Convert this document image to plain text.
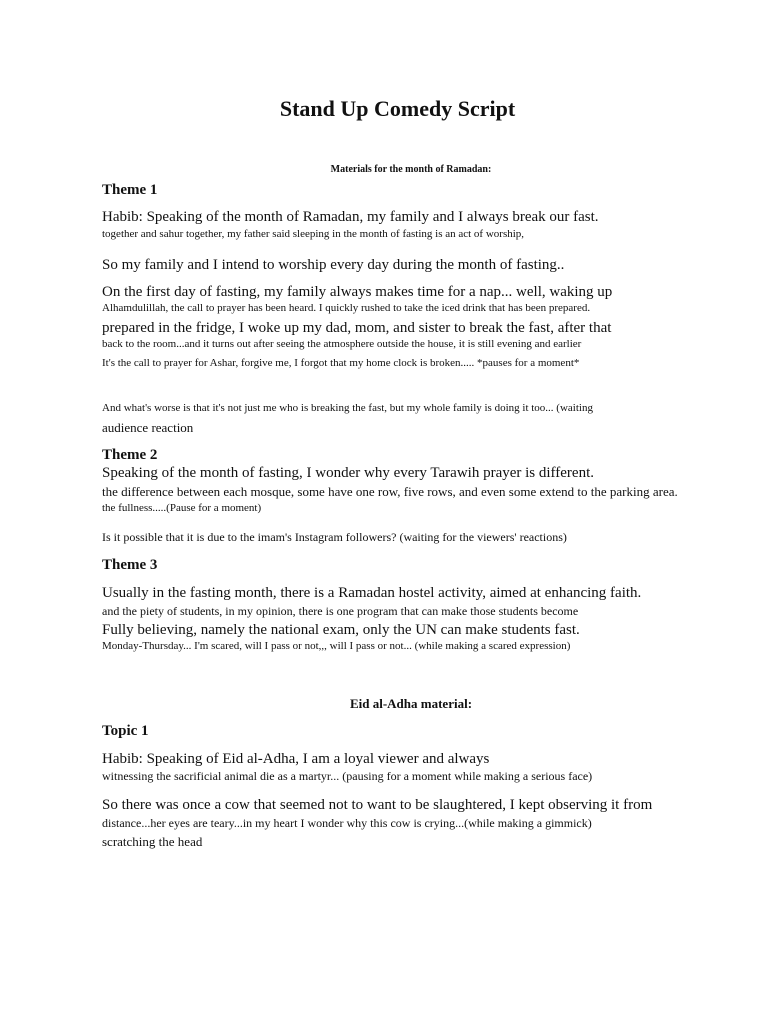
Stand Up Comedy Script
Materials for the month of Ramadan:
Theme 1

Habib: Speaking of the month of Ramadan, my family and I always break our fast.

together and sahur together, my father said sleeping in the month of fasting is an act of worship,

So my family and I intend to worship every day during the month of fasting..

On the first day of fasting, my family always makes time for a nap... well, waking up

Alhamdulillah, the call to prayer has been heard. I quickly rushed to take the iced drink that has been prepared.

prepared in the fridge, I woke up my dad, mom, and sister to break the fast, after that

back to the room...and it turns out after seeing the atmosphere outside the house, it is still evening and earlier

It's the call to prayer for Ashar, forgive me, I forgot that my home clock is broken..... *pauses for a moment*

And what's worse is that it's not just me who is breaking the fast, but my whole family is doing it too... (waiting

audience reaction

Theme 2

Speaking of the month of fasting, I wonder why every Tarawih prayer is different.

the difference between each mosque, some have one row, five rows, and even some extend to the parking area.

the fullness.....(Pause for a moment)

Is it possible that it is due to the imam's Instagram followers? (waiting for the viewers' reactions)

Theme 3

Usually in the fasting month, there is a Ramadan hostel activity, aimed at enhancing faith.

and the piety of students, in my opinion, there is one program that can make those students become

Fully believing, namely the national exam, only the UN can make students fast.

Monday-Thursday... I'm scared, will I pass or not,,, will I pass or not... (while making a scared expression)

Eid al-Adha material:
Topic 1

Habib: Speaking of Eid al-Adha, I am a loyal viewer and always

witnessing the sacrificial animal die as a martyr... (pausing for a moment while making a serious face)

So there was once a cow that seemed not to want to be slaughtered, I kept observing it from

distance...her eyes are teary...in my heart I wonder why this cow is crying...(while making a gimmick)

scratching the head
